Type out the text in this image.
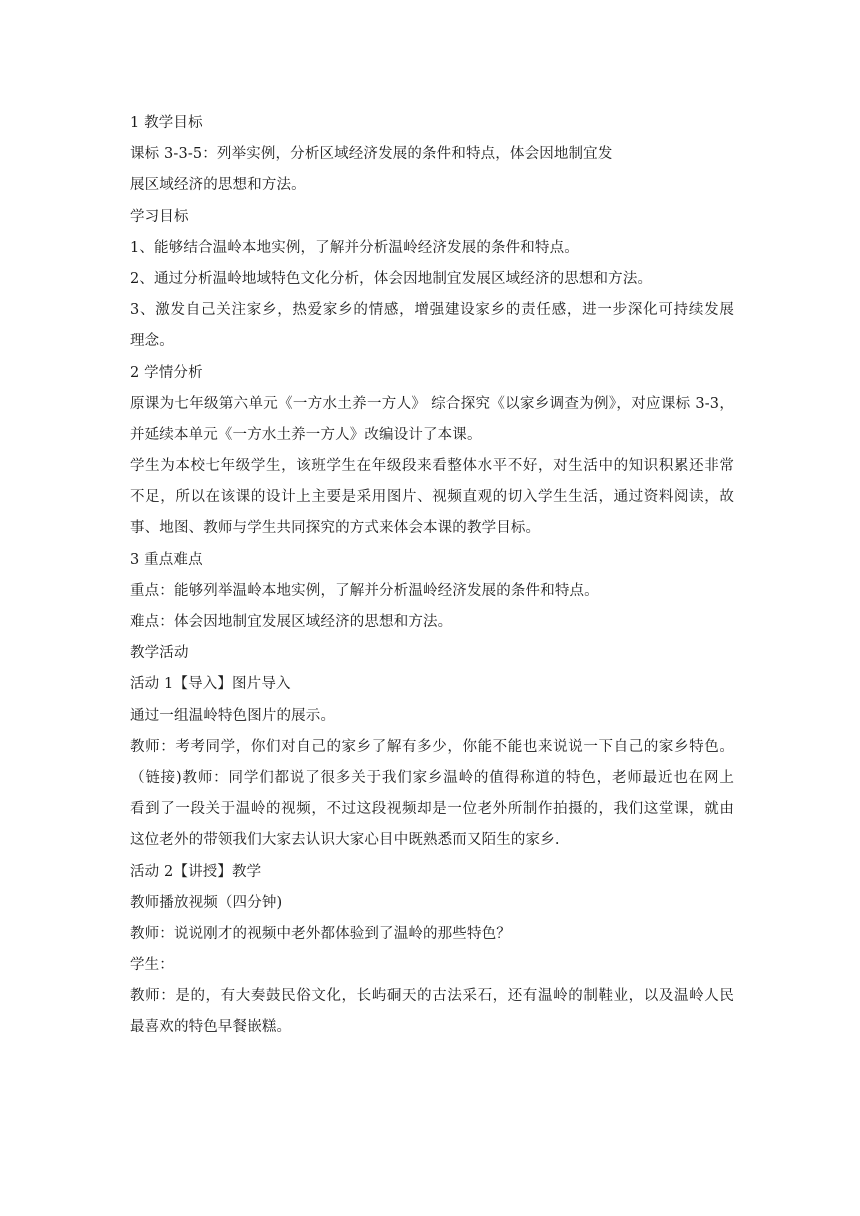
1 教学目标
课标 3-3-5：列举实例，分析区域经济发展的条件和特点，体会因地制宜发
展区域经济的思想和方法。
学习目标
1、能够结合温岭本地实例，了解并分析温岭经济发展的条件和特点。
2、通过分析温岭地域特色文化分析，体会因地制宜发展区域经济的思想和方法。
3、激发自己关注家乡，热爱家乡的情感，增强建设家乡的责任感，进一步深化可持续发展
理念。
2 学情分析
原课为七年级第六单元《一方水土养一方人》 综合探究《以家乡调查为例》，对应课标 3-3，
并延续本单元《一方水土养一方人》改编设计了本课。
学生为本校七年级学生，该班学生在年级段来看整体水平不好，对生活中的知识积累还非常
不足，所以在该课的设计上主要是采用图片、视频直观的切入学生生活，通过资料阅读，故
事、地图、教师与学生共同探究的方式来体会本课的教学目标。
3 重点难点
重点：能够列举温岭本地实例，了解并分析温岭经济发展的条件和特点。
难点：体会因地制宜发展区域经济的思想和方法。
教学活动
活动 1【导入】图片导入
通过一组温岭特色图片的展示。
教师：考考同学，你们对自己的家乡了解有多少，你能不能也来说说一下自己的家乡特色。
（链接)教师：同学们都说了很多关于我们家乡温岭的值得称道的特色，老师最近也在网上
看到了一段关于温岭的视频，不过这段视频却是一位老外所制作拍摄的，我们这堂课，就由
这位老外的带领我们大家去认识大家心目中既熟悉而又陌生的家乡.
活动 2【讲授】教学
教师播放视频（四分钟)
教师：说说刚才的视频中老外都体验到了温岭的那些特色？
学生：
教师：是的，有大奏鼓民俗文化，长屿硐天的古法采石，还有温岭的制鞋业，以及温岭人民
最喜欢的特色早餐嵌糕。
